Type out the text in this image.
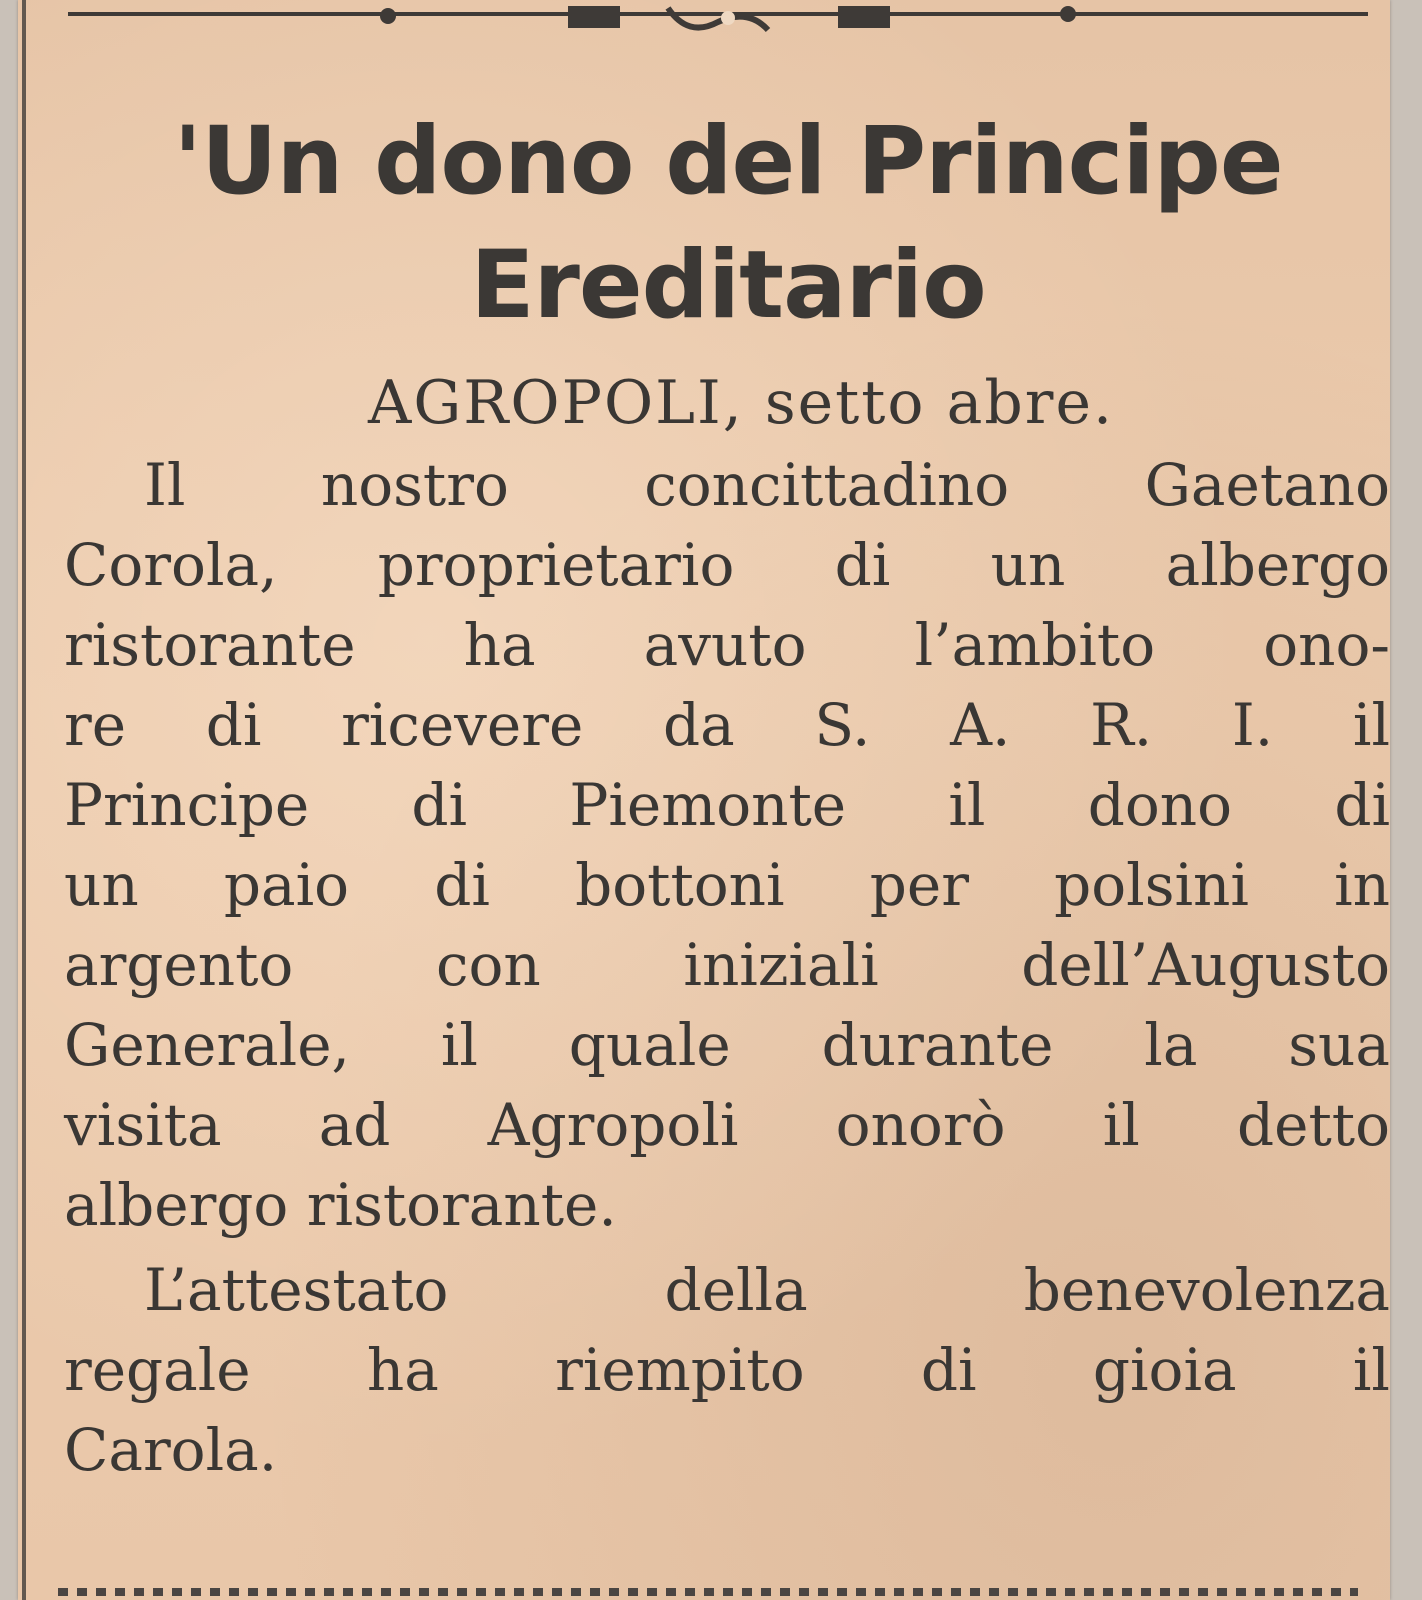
'Un dono del Principe Ereditario

AGROPOLI, setto abre.

Il nostro concittadino Gaetano

Corola, proprietario di un albergo

ristorante ha avuto l’ambito ono-

re di ricevere da S. A. R. I. il

Principe di Piemonte il dono di

un paio di bottoni per polsini in

argento con iniziali dell’Augusto

Generale, il quale durante la sua

visita ad Agropoli onorò il detto

albergo ristorante.

L’attestato della benevolenza

regale ha riempito di gioia il

Carola.
